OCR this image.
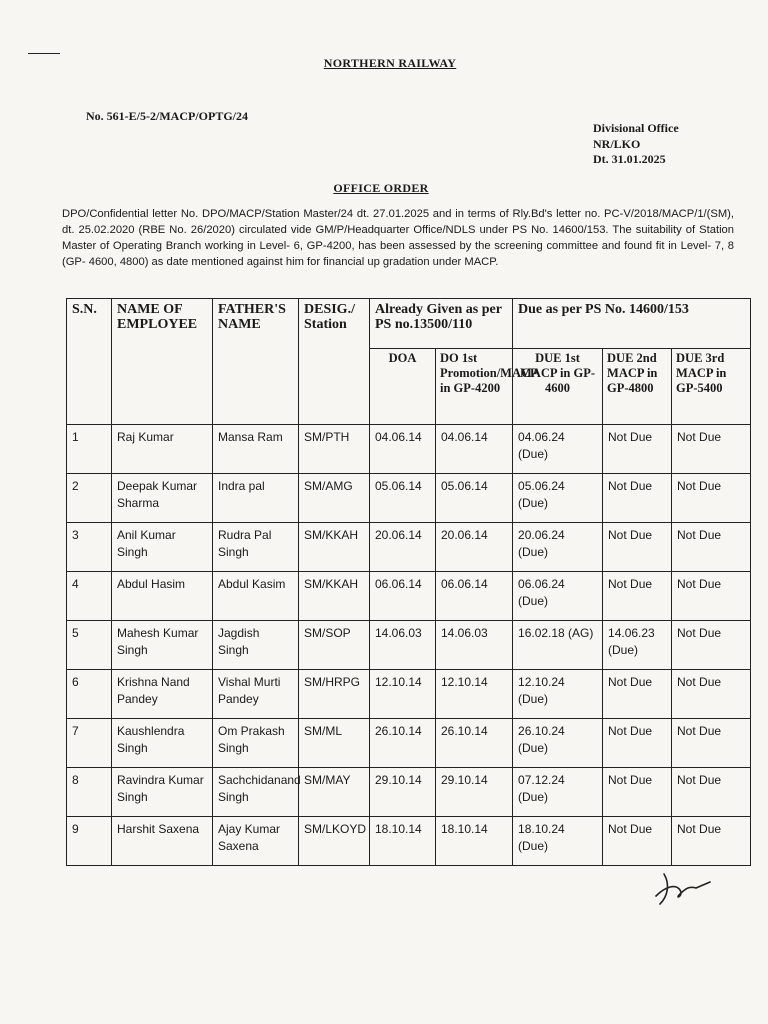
NORTHERN RAILWAY
No. 561-E/5-2/MACP/OPTG/24
Divisional Office
NR/LKO
Dt. 31.01.2025
OFFICE ORDER
DPO/Confidential letter No. DPO/MACP/Station Master/24 dt. 27.01.2025 and in terms of Rly.Bd's letter no. PC-V/2018/MACP/1/(SM), dt. 25.02.2020 (RBE No. 26/2020) circulated vide GM/P/Headquarter Office/NDLS under PS No. 14600/153. The suitability of Station Master of Operating Branch working in Level- 6, GP-4200, has been assessed by the screening committee and found fit in Level- 7, 8 (GP- 4600, 4800) as date mentioned against him for financial up gradation under MACP.
S.N.	NAME OF EMPLOYEE	FATHER'S NAME	DESIG./ Station	Already Given as per PS no.13500/110		Due as per PS No. 14600/153		
				DOA	DO 1st Promotion/MACP in GP-4200	DUE 1st MACP in GP-4600	DUE 2nd MACP in GP-4800	DUE 3rd MACP in GP-5400
1	Raj Kumar	Mansa Ram	SM/PTH	04.06.14	04.06.14	04.06.24 (Due)	Not Due	Not Due
2	Deepak Kumar Sharma	Indra pal	SM/AMG	05.06.14	05.06.14	05.06.24 (Due)	Not Due	Not Due
3	Anil Kumar Singh	Rudra Pal Singh	SM/KKAH	20.06.14	20.06.14	20.06.24 (Due)	Not Due	Not Due
4	Abdul Hasim	Abdul Kasim	SM/KKAH	06.06.14	06.06.14	06.06.24 (Due)	Not Due	Not Due
5	Mahesh Kumar Singh	Jagdish Singh	SM/SOP	14.06.03	14.06.03	16.02.18 (AG)	14.06.23 (Due)	Not Due
6	Krishna Nand Pandey	Vishal Murti Pandey	SM/HRPG	12.10.14	12.10.14	12.10.24 (Due)	Not Due	Not Due
7	Kaushlendra Singh	Om Prakash Singh	SM/ML	26.10.14	26.10.14	26.10.24 (Due)	Not Due	Not Due
8	Ravindra Kumar Singh	Sachchidanand Singh	SM/MAY	29.10.14	29.10.14	07.12.24 (Due)	Not Due	Not Due
9	Harshit Saxena	Ajay Kumar Saxena	SM/LKOYD	18.10.14	18.10.14	18.10.24 (Due)	Not Due	Not Due
